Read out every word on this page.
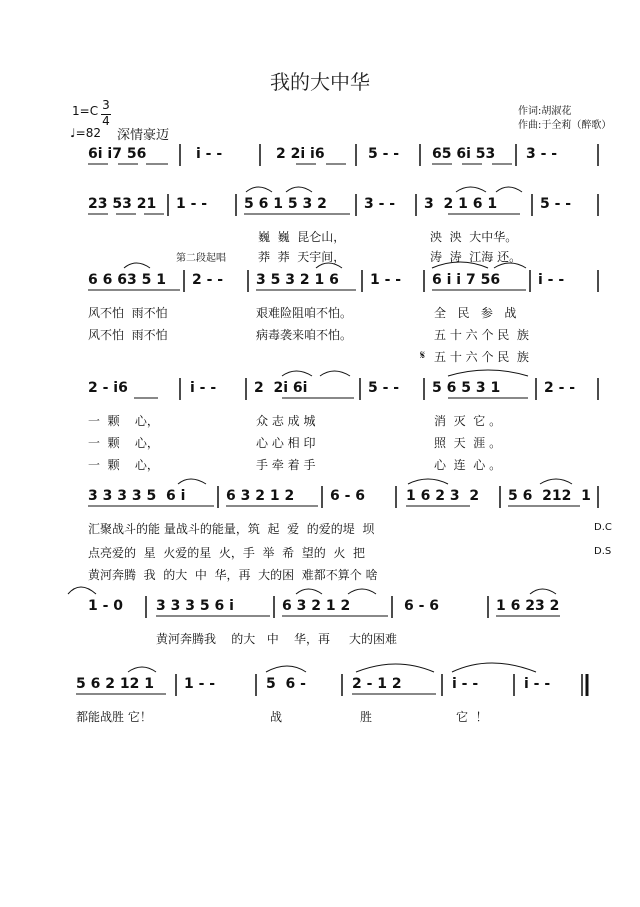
我的大中华
1=C 3
4
♩=82 深情豪迈
作词:胡淑花
作曲:于全莉（醉歌）
6i i7 56	i - -	2 2i i6	5 - - 65 6i 53 3 - -
23 53 21 1 - -	5 6 1 5 3 2	3 - - 3  2 1 6 1	5 - -
巍  巍  昆仑山，	泱  泱  大中华。
第二段起唱	莽  莽  天宇间，	涛  涛  江海 还。
6 6 63 5 1 2 - - 3 5 3 2 1 6 1 - - 6 i i 7 56	i - -
风不怕  雨不怕	艰难险阻咱不怕。	全   民   参   战
风不怕  雨不怕	病毒袭来咱不怕。	五 十 六 个 民  族
𝄋 五 十 六 个 民  族
2 - i6	i - -	2  2i 6i	5 - - 5 6 5 3 1	2 - -
一  颗    心，	众 志 成 城	消  灭  它 。
一  颗    心，	心 心 相 印	照  天  涯 。
一  颗    心，	手 牵 着 手	心  连  心 。
3 3 3 3 5  6 i	6 3 2 1 2	6 - 6	1 6 2 3  2 5 6  212  1
汇聚战斗的能 量战斗的能量，筑  起  爱  的爱的堤  坝	D.C
点亮爱的  星  火爱的星  火，手  举  希  望的  火  把	D.S
黄河奔腾  我  的大  中  华，再  大的困  难都不算个 啥
1 - 0 3 3 3 5 6 i	6 3 2 1 2	6 - 6	1 6 23 2
黄河奔腾我    的大   中    华，再     大的困难
5 6 2 12 1 1 - -	5  6 -	2 - 1 2	i - -	i - -
都能战胜 它！	战	胜	它  ！
